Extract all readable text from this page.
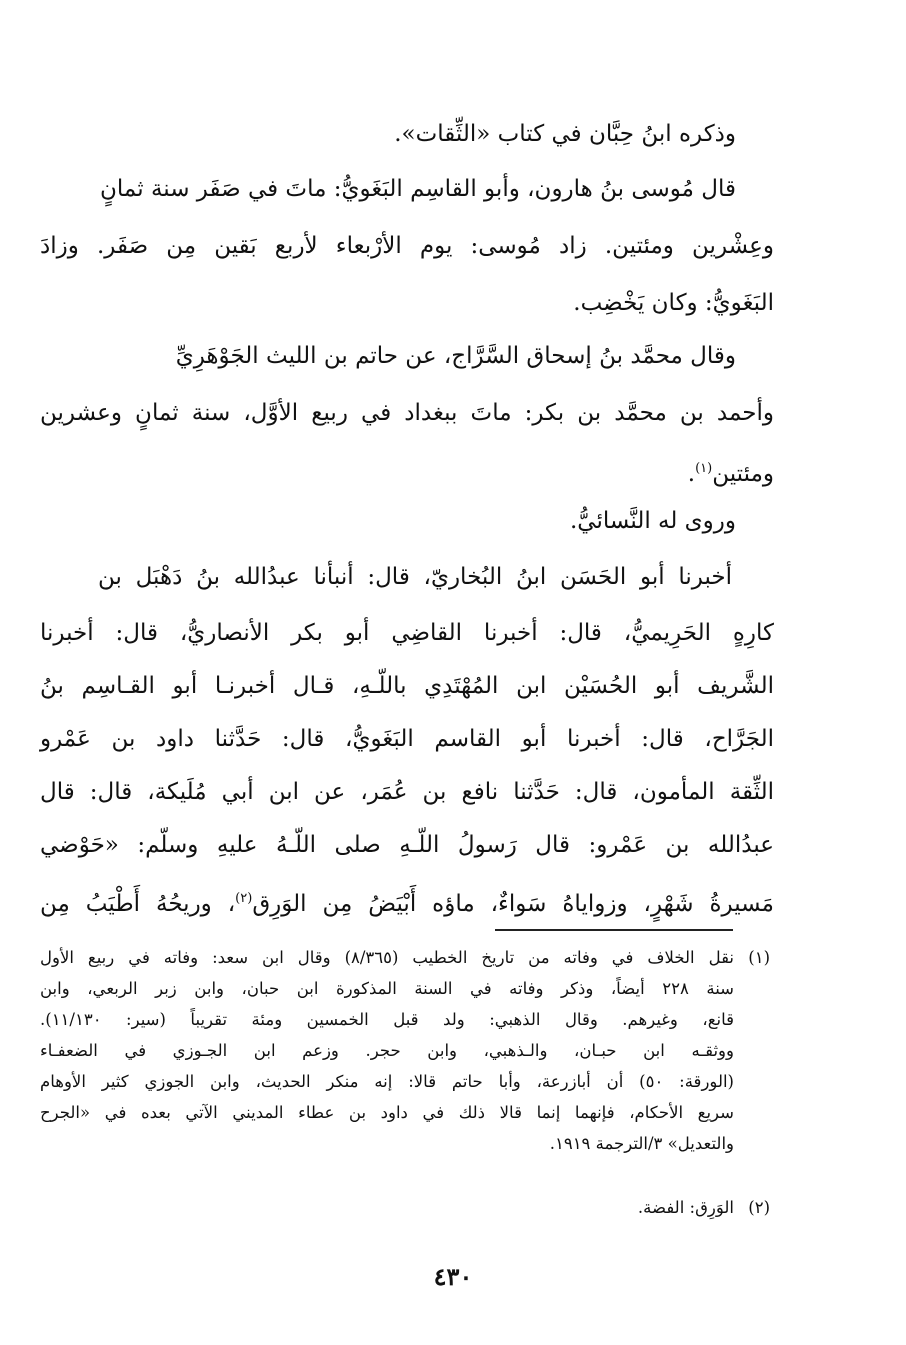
وذكره ابنُ حِبَّان في كتاب «الثِّقات».
قال مُوسى بنُ هارون، وأبو القاسِم البَغَويُّ: ماتَ في صَفَر سنة ثمانٍ
وعِشْرين ومئتين. زاد مُوسى: يوم الأرْبعاء لأربع بَقين مِن صَفَر. وزادَ
البَغَويُّ: وكان يَخْضِب.
وقال محمَّد بنُ إسحاق السَّرَّاج، عن حاتم بن الليث الجَوْهَرِيِّ
وأحمد بن محمَّد بن بكر: ماتَ ببغداد في ربيع الأوَّل، سنة ثمانٍ وعشرين
ومئتين$^{(١)}$.
وروى له النَّسائيُّ.
أخبرنا أبو الحَسَن ابنُ البُخاريّ، قال: أنبأنا عبدُالله بنُ دَهْبَل بن
كارِهٍ الحَرِيميُّ، قال: أخبرنا القاضِي أبو بكر الأنصاريُّ، قال: أخبرنا
الشَّريف أبو الحُسَيْن ابن المُهْتَدِي باللّـهِ، قـال أخبرنـا أبو القـاسِم بنُ
الجَرَّاح، قال: أخبرنا أبو القاسم البَغَويُّ، قال: حَدَّثنا داود بن عَمْرو
الثِّقة المأمون، قال: حَدَّثنا نافع بن عُمَر، عن ابن أبي مُلَيكة، قال: قال
عبدُالله بن عَمْرو: قال رَسولُ اللّـهِ صلى اللّـهُ عليهِ وسلّم: «حَوْضي
مَسيرةُ شَهْرٍ، وزواياهُ سَواءٌ، ماؤه أَبْيَضُ مِن الوَرِق$^{(٢)}$، وريحُهُ أَطْيَبُ مِن
(١)
نقل الخلاف في وفاته من تاريخ الخطيب (٨/٣٦٥) وقال ابن سعد: وفاته في ربيع الأول
سنة ٢٢٨ أيضاً، وذكر وفاته في السنة المذكورة ابن حبان، وابن زبر الربعي، وابن
قانع، وغيرهم. وقال الذهبي: ولد قبل الخمسين ومئة تقريباً (سير: ١١/١٣٠).
ووثقـه ابن حبـان، والـذهبي، وابن حجر. وزعم ابن الجـوزي في الضعفـاء
(الورقة: ٥٠) أن أبازرعة، وأبا حاتم قالا: إنه منكر الحديث، وابن الجوزي كثير الأوهام
سريع الأحكام، فإنهما إنما قالا ذلك في داود بن عطاء المديني الآتي بعده في «الجرح
والتعديل» ٣/الترجمة ١٩١٩.
(٢)
الوَرِق: الفضة.
٤٣٠
